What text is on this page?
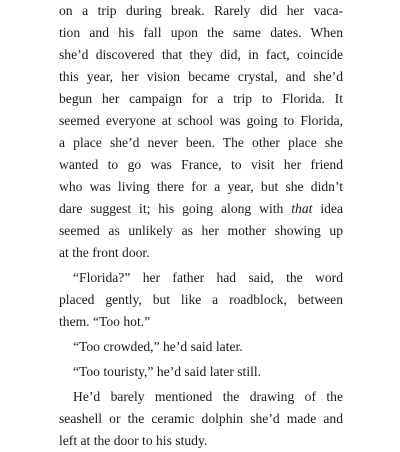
on a trip during break. Rarely did her vaca-
tion and his fall upon the same dates. When
she’d discovered that they did, in fact, coincide
this year, her vision became crystal, and she’d
begun her campaign for a trip to Florida. It
seemed everyone at school was going to Florida,
a place she’d never been. The other place she
wanted to go was France, to visit her friend
who was living there for a year, but she didn’t
dare suggest it; his going along with that idea
seemed as unlikely as her mother showing up
at the front door.
“Florida?” her father had said, the word
placed gently, but like a roadblock, between
them. “Too hot.”
“Too crowded,” he’d said later.
“Too touristy,” he’d said later still.
He’d barely mentioned the drawing of the
seashell or the ceramic dolphin she’d made and
left at the door to his study.
